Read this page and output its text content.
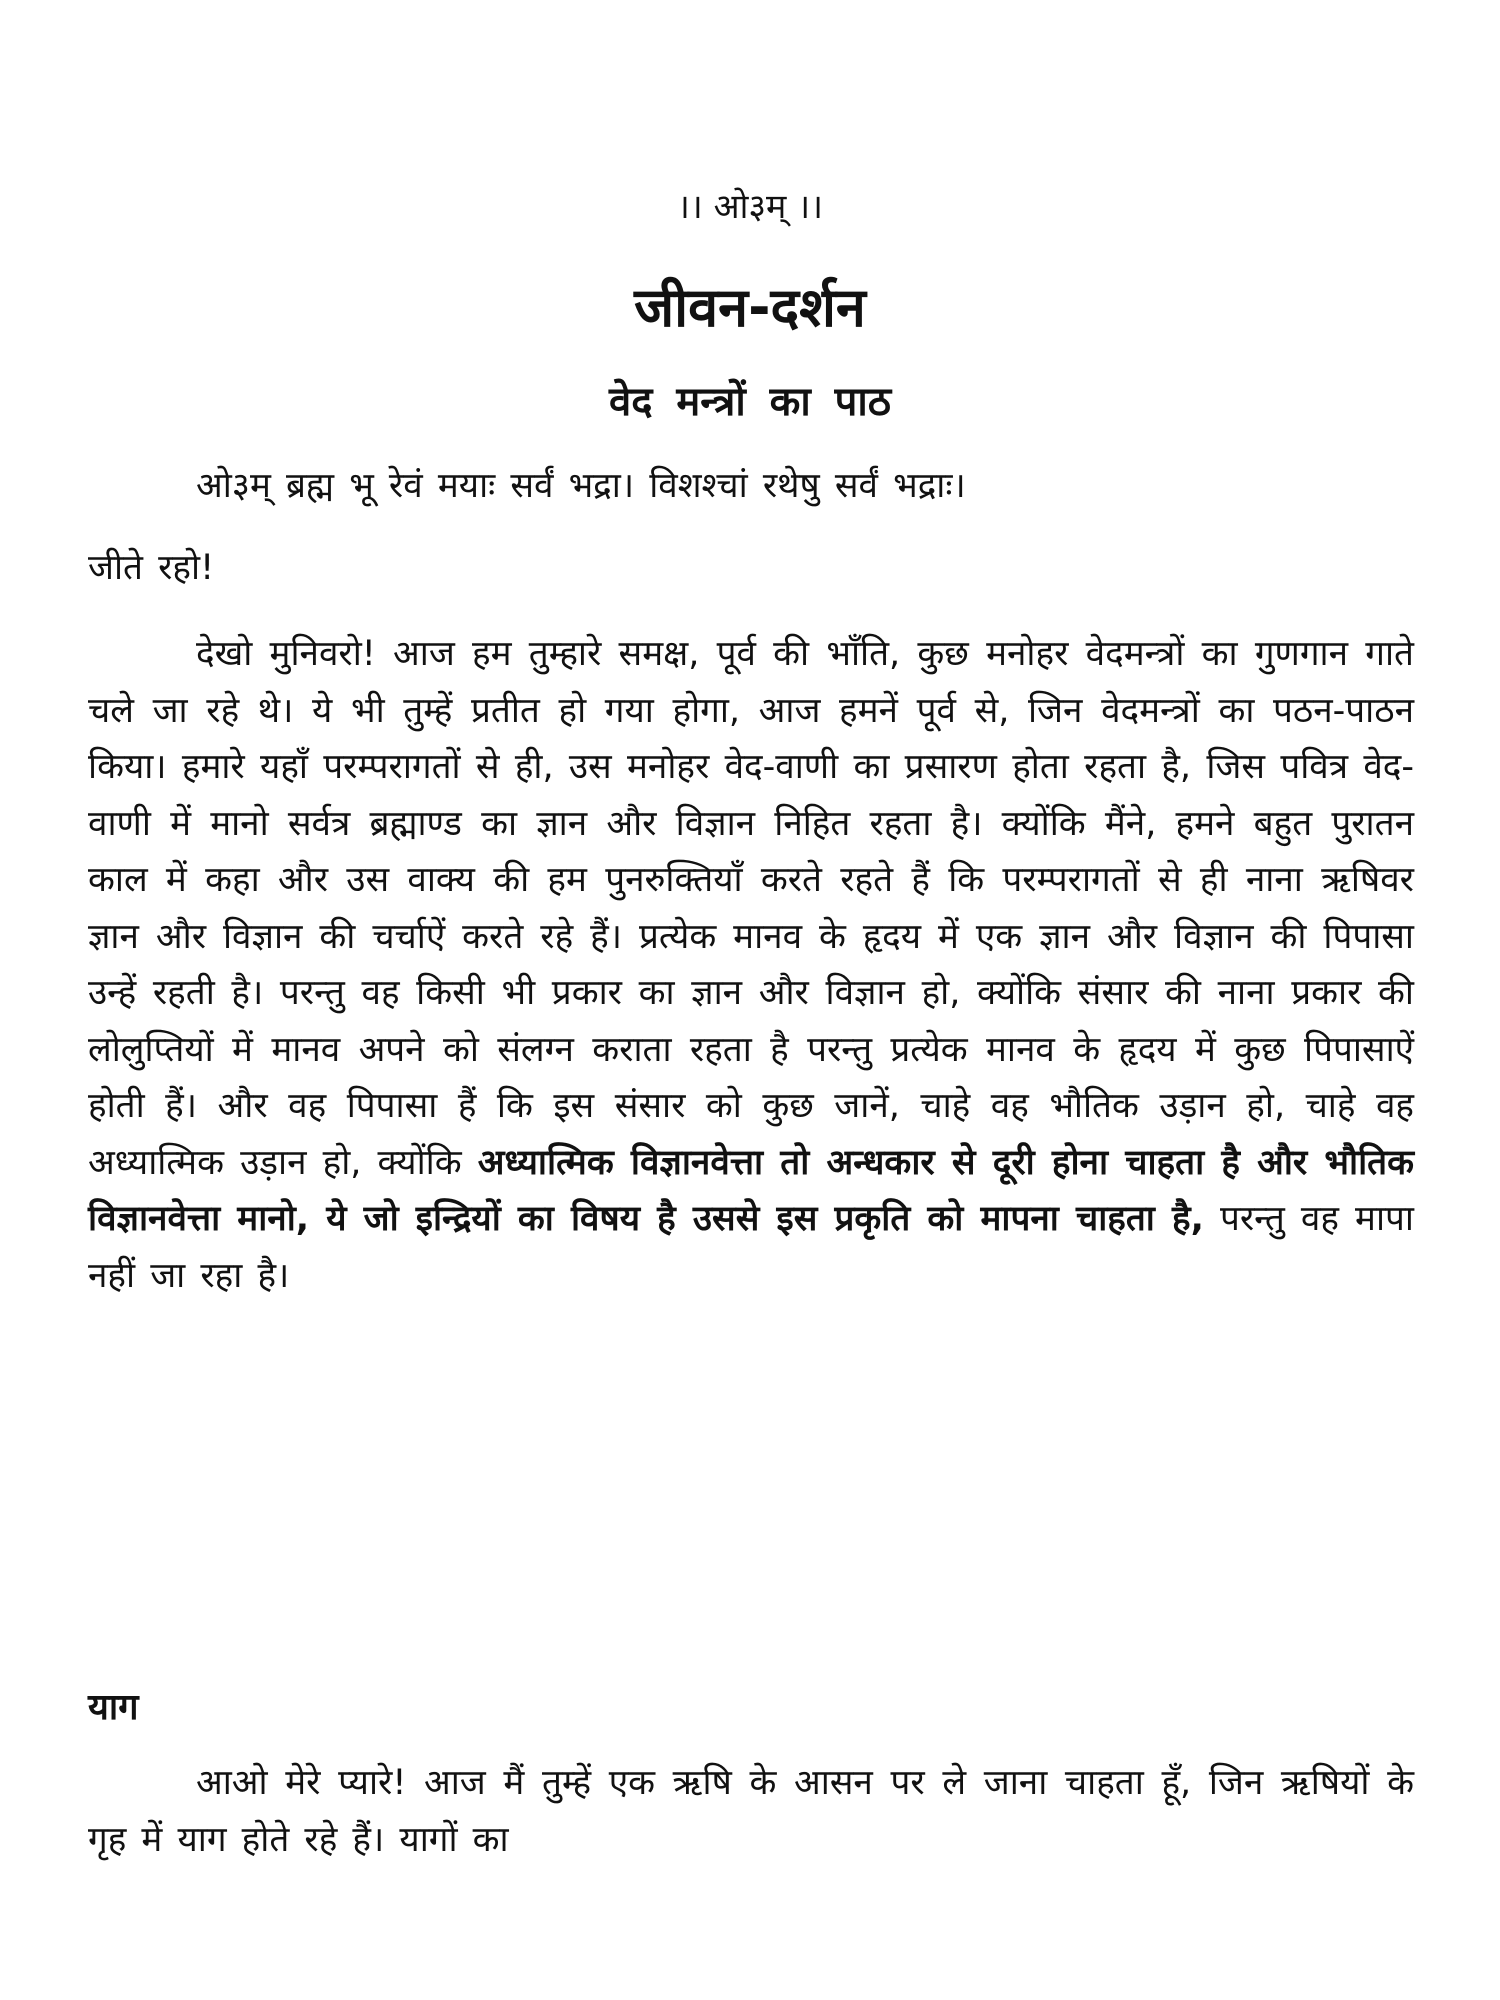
।। ओ३म् ।।
जीवन-दर्शन
वेद मन्त्रों का पाठ

ओ३म् ब्रह्म भू रेवं मयाः सर्वं भद्रा। विशश्चां रथेषु सर्वं भद्राः।

जीते रहो!

देखो मुनिवरो! आज हम तुम्हारे समक्ष, पूर्व की भाँति, कुछ मनोहर वेदमन्त्रों का गुणगान गाते चले जा रहे थे। ये भी तुम्हें प्रतीत हो गया होगा, आज हमनें पूर्व से, जिन वेदमन्त्रों का पठन-पाठन किया। हमारे यहाँ परम्परागतों से ही, उस मनोहर वेद-वाणी का प्रसारण होता रहता है, जिस पवित्र वेद-वाणी में मानो सर्वत्र ब्रह्माण्ड का ज्ञान और विज्ञान निहित रहता है। क्योंकि मैंने, हमने बहुत पुरातन काल में कहा और उस वाक्य की हम पुनरुक्तियाँ करते रहते हैं कि परम्परागतों से ही नाना ऋषिवर ज्ञान और विज्ञान की चर्चाऐं करते रहे हैं। प्रत्येक मानव के हृदय में एक ज्ञान और विज्ञान की पिपासा उन्हें रहती है। परन्तु वह किसी भी प्रकार का ज्ञान और विज्ञान हो, क्योंकि संसार की नाना प्रकार की लोलुप्तियों में मानव अपने को संलग्न कराता रहता है परन्तु प्रत्येक मानव के हृदय में कुछ पिपासाऐं होती हैं। और वह पिपासा हैं कि इस संसार को कुछ जानें, चाहे वह भौतिक उड़ान हो, चाहे वह अध्यात्मिक उड़ान हो, क्योंकि अध्यात्मिक विज्ञानवेत्ता तो अन्धकार से दूरी होना चाहता है और भौतिक विज्ञानवेत्ता मानो, ये जो इन्द्रियों का विषय है उससे इस प्रकृति को मापना चाहता है, परन्तु वह मापा नहीं जा रहा है।

याग

आओ मेरे प्यारे! आज मैं तुम्हें एक ऋषि के आसन पर ले जाना चाहता हूँ, जिन ऋषियों के गृह में याग होते रहे हैं। यागों का
